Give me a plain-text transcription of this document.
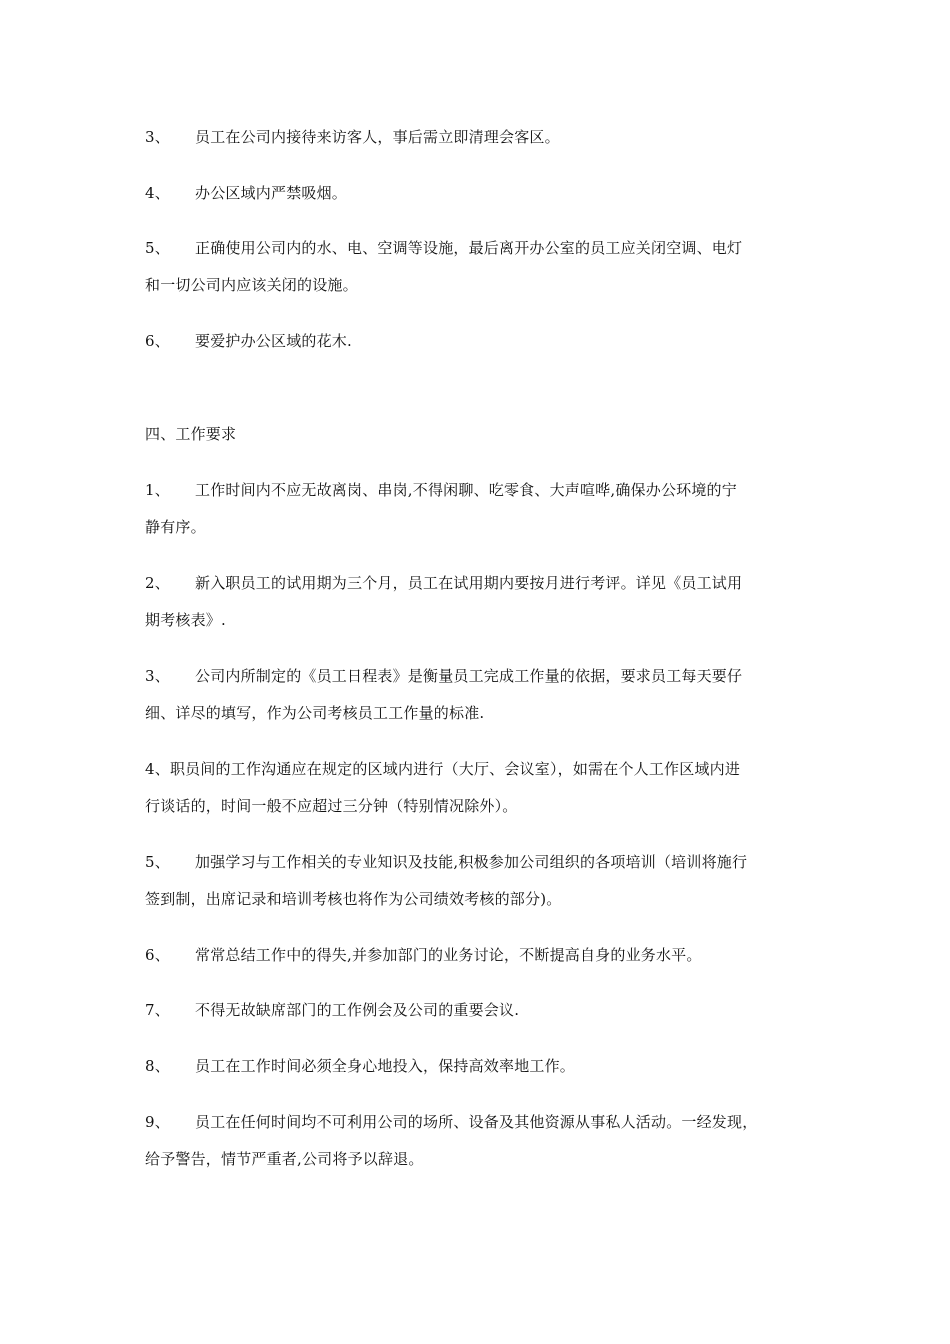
3、 员工在公司内接待来访客人，事后需立即清理会客区。
4、 办公区域内严禁吸烟。
5、 正确使用公司内的水、电、空调等设施，最后离开办公室的员工应关闭空调、电灯
和一切公司内应该关闭的设施。
6、 要爱护办公区域的花木.
四、工作要求
1、 工作时间内不应无故离岗、串岗,不得闲聊、吃零食、大声喧哗,确保办公环境的宁
静有序。
2、 新入职员工的试用期为三个月，员工在试用期内要按月进行考评。详见《员工试用
期考核表》.
3、 公司内所制定的《员工日程表》是衡量员工完成工作量的依据，要求员工每天要仔
细、详尽的填写，作为公司考核员工工作量的标准.
4、职员间的工作沟通应在规定的区域内进行（大厅、会议室），如需在个人工作区域内进
行谈话的，时间一般不应超过三分钟（特别情况除外）。
5、 加强学习与工作相关的专业知识及技能,积极参加公司组织的各项培训（培训将施行
签到制，出席记录和培训考核也将作为公司绩效考核的部分)。
6、 常常总结工作中的得失,并参加部门的业务讨论，不断提高自身的业务水平。
7、 不得无故缺席部门的工作例会及公司的重要会议.
8、 员工在工作时间必须全身心地投入，保持高效率地工作。
9、 员工在任何时间均不可利用公司的场所、设备及其他资源从事私人活动。一经发现，
给予警告，情节严重者,公司将予以辞退。
